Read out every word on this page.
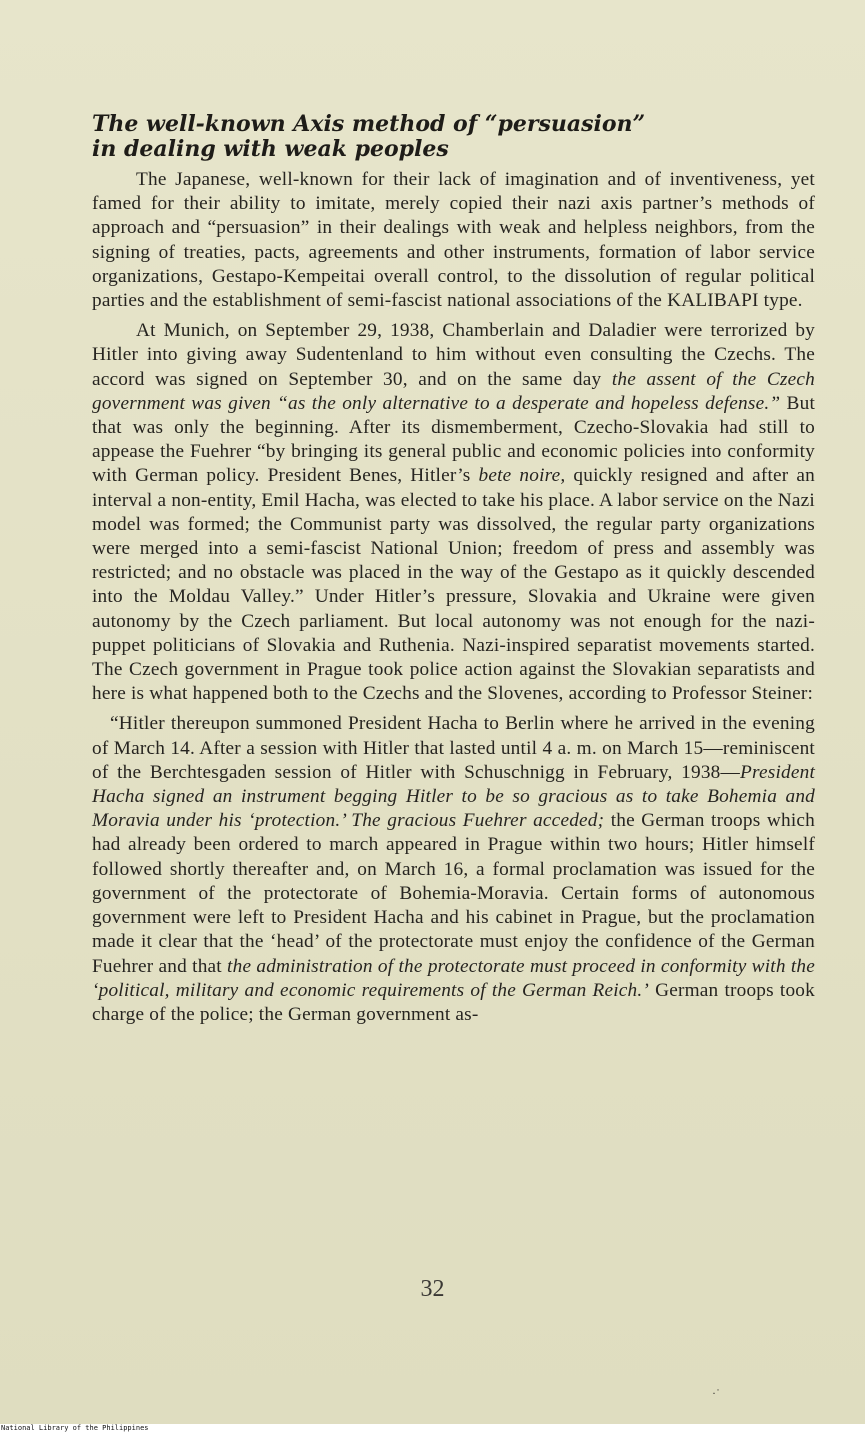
The well-known Axis method of “persuasion”
in dealing with weak peoples

The Japanese, well-known for their lack of imagination and of inventiveness, yet famed for their ability to imitate, merely copied their nazi axis partner’s methods of approach and “persuasion” in their dealings with weak and helpless neighbors, from the signing of treaties, pacts, agreements and other instruments, formation of labor service organizations, Gestapo-Kempeitai overall control, to the dissolution of regular political parties and the establishment of semi-fascist national associations of the KALIBAPI type.

At Munich, on September 29, 1938, Chamberlain and Daladier were terrorized by Hitler into giving away Sudentenland to him without even consulting the Czechs. The accord was signed on September 30, and on the same day the assent of the Czech government was given “as the only alternative to a desperate and hopeless defense.” But that was only the beginning. After its dismemberment, Czecho-Slovakia had still to appease the Fuehrer “by bringing its general public and economic policies into conformity with German policy. President Benes, Hitler’s bete noire, quickly resigned and after an interval a non-entity, Emil Hacha, was elected to take his place. A labor service on the Nazi model was formed; the Communist party was dissolved, the regular party organizations were merged into a semi-fascist National Union; freedom of press and assembly was restricted; and no obstacle was placed in the way of the Gestapo as it quickly descended into the Moldau Valley.” Under Hitler’s pressure, Slovakia and Ukraine were given autonomy by the Czech parliament. But local autonomy was not enough for the nazi-puppet politicians of Slovakia and Ruthenia. Nazi-inspired separatist movements started. The Czech government in Prague took police action against the Slovakian separatists and here is what happened both to the Czechs and the Slovenes, according to Professor Steiner:

“Hitler thereupon summoned President Hacha to Berlin where he arrived in the evening of March 14. After a session with Hitler that lasted until 4 a. m. on March 15—reminiscent of the Berchtesgaden session of Hitler with Schuschnigg in February, 1938—President Hacha signed an instrument begging Hitler to be so gracious as to take Bohemia and Moravia under his ‘protection.’ The gracious Fuehrer acceded; the German troops which had already been ordered to march appeared in Prague within two hours; Hitler himself followed shortly thereafter and, on March 16, a formal proclamation was issued for the government of the protectorate of Bohemia-Moravia. Certain forms of autonomous government were left to President Hacha and his cabinet in Prague, but the proclamation made it clear that the ‘head’ of the protectorate must enjoy the confidence of the German Fuehrer and that the administration of the protectorate must proceed in conformity with the ‘political, military and economic requirements of the German Reich.’ German troops took charge of the police; the German government as-

32
·˙
National Library of the Philippines
